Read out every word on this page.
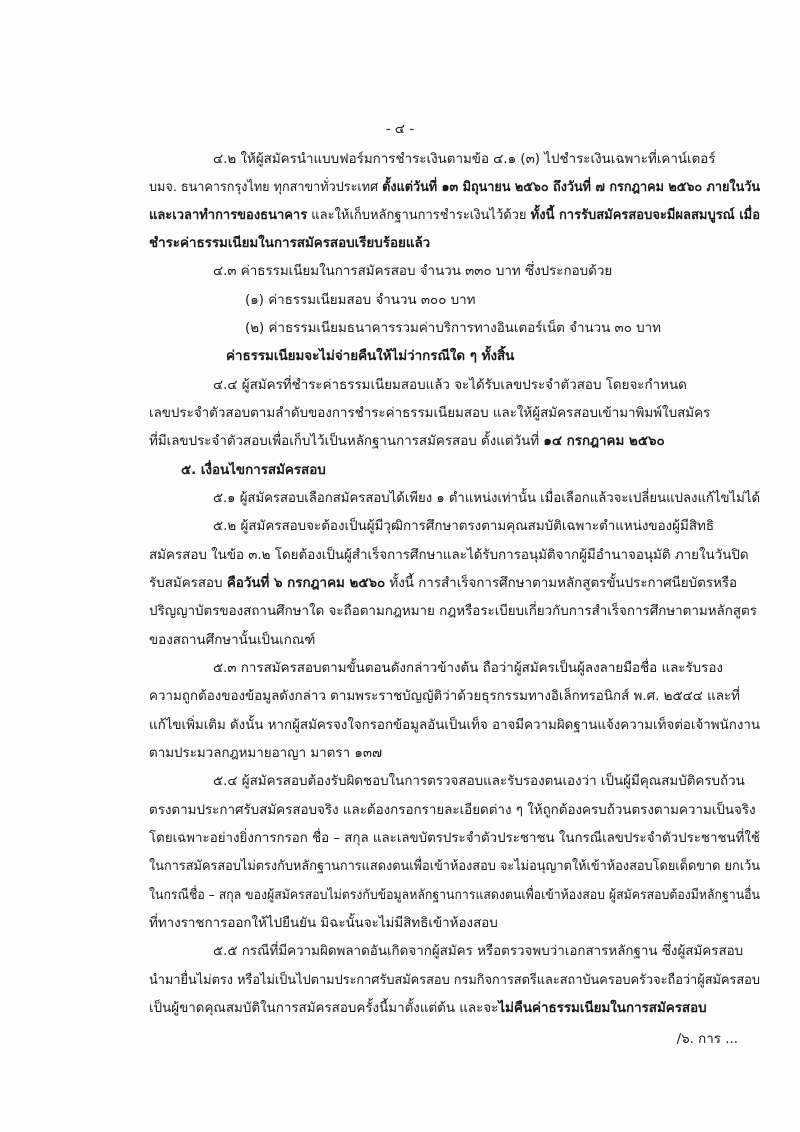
- ๔ -
๔.๒ ให้ผู้สมัครนำแบบฟอร์มการชำระเงินตามข้อ ๔.๑ (๓) ไปชำระเงินเฉพาะที่เคาน์เตอร์
บมจ. ธนาคารกรุงไทย ทุกสาขาทั่วประเทศ ตั้งแต่วันที่ ๑๓ มิถุนายน ๒๕๖๐ ถึงวันที่ ๗ กรกฎาคม ๒๕๖๐ ภายในวัน
และเวลาทำการของธนาคาร และให้เก็บหลักฐานการชำระเงินไว้ด้วย ทั้งนี้ การรับสมัครสอบจะมีผลสมบูรณ์ เมื่อ
ชำระค่าธรรมเนียมในการสมัครสอบเรียบร้อยแล้ว
๔.๓ ค่าธรรมเนียมในการสมัครสอบ จำนวน ๓๓๐ บาท ซึ่งประกอบด้วย
(๑) ค่าธรรมเนียมสอบ จำนวน ๓๐๐ บาท
(๒) ค่าธรรมเนียมธนาคารรวมค่าบริการทางอินเตอร์เน็ต จำนวน ๓๐ บาท
ค่าธรรมเนียมจะไม่จ่ายคืนให้ไม่ว่ากรณีใด ๆ ทั้งสิ้น
๔.๔ ผู้สมัครที่ชำระค่าธรรมเนียมสอบแล้ว จะได้รับเลขประจำตัวสอบ โดยจะกำหนด
เลขประจำตัวสอบตามลำดับของการชำระค่าธรรมเนียมสอบ และให้ผู้สมัครสอบเข้ามาพิมพ์ใบสมัคร
ที่มีเลขประจำตัวสอบเพื่อเก็บไว้เป็นหลักฐานการสมัครสอบ ตั้งแต่วันที่ ๑๔ กรกฎาคม ๒๕๖๐
๕. เงื่อนไขการสมัครสอบ
๕.๑ ผู้สมัครสอบเลือกสมัครสอบได้เพียง ๑ ตำแหน่งเท่านั้น เมื่อเลือกแล้วจะเปลี่ยนแปลงแก้ไขไม่ได้
๕.๒ ผู้สมัครสอบจะต้องเป็นผู้มีวุฒิการศึกษาตรงตามคุณสมบัติเฉพาะตำแหน่งของผู้มีสิทธิ
สมัครสอบ ในข้อ ๓.๒ โดยต้องเป็นผู้สำเร็จการศึกษาและได้รับการอนุมัติจากผู้มีอำนาจอนุมัติ ภายในวันปิด
รับสมัครสอบ คือวันที่ ๖ กรกฎาคม ๒๕๖๐ ทั้งนี้ การสำเร็จการศึกษาตามหลักสูตรขั้นประกาศนียบัตรหรือ
ปริญญาบัตรของสถานศึกษาใด จะถือตามกฎหมาย กฎหรือระเบียบเกี่ยวกับการสำเร็จการศึกษาตามหลักสูตร
ของสถานศึกษานั้นเป็นเกณฑ์
๕.๓ การสมัครสอบตามขั้นตอนดังกล่าวข้างต้น ถือว่าผู้สมัครเป็นผู้ลงลายมือชื่อ และรับรอง
ความถูกต้องของข้อมูลดังกล่าว ตามพระราชบัญญัติว่าด้วยธุรกรรมทางอิเล็กทรอนิกส์ พ.ศ. ๒๕๔๔ และที่
แก้ไขเพิ่มเติม ดังนั้น หากผู้สมัครจงใจกรอกข้อมูลอันเป็นเท็จ อาจมีความผิดฐานแจ้งความเท็จต่อเจ้าพนักงาน
ตามประมวลกฎหมายอาญา มาตรา ๑๓๗
๕.๔ ผู้สมัครสอบต้องรับผิดชอบในการตรวจสอบและรับรองตนเองว่า เป็นผู้มีคุณสมบัติครบถ้วน
ตรงตามประกาศรับสมัครสอบจริง และต้องกรอกรายละเอียดต่าง ๆ ให้ถูกต้องครบถ้วนตรงตามความเป็นจริง
โดยเฉพาะอย่างยิ่งการกรอก ชื่อ – สกุล และเลขบัตรประจำตัวประชาชน ในกรณีเลขประจำตัวประชาชนที่ใช้
ในการสมัครสอบไม่ตรงกับหลักฐานการแสดงตนเพื่อเข้าห้องสอบ จะไม่อนุญาตให้เข้าห้องสอบโดยเด็ดขาด ยกเว้น
ในกรณีชื่อ – สกุล ของผู้สมัครสอบไม่ตรงกับข้อมูลหลักฐานการแสดงตนเพื่อเข้าห้องสอบ ผู้สมัครสอบต้องมีหลักฐานอื่น
ที่ทางราชการออกให้ไปยืนยัน มิฉะนั้นจะไม่มีสิทธิเข้าห้องสอบ
๕.๕ กรณีที่มีความผิดพลาดอันเกิดจากผู้สมัคร หรือตรวจพบว่าเอกสารหลักฐาน ซึ่งผู้สมัครสอบ
นำมายื่นไม่ตรง หรือไม่เป็นไปตามประกาศรับสมัครสอบ กรมกิจการสตรีและสถาบันครอบครัวจะถือว่าผู้สมัครสอบ
เป็นผู้ขาดคุณสมบัติในการสมัครสอบครั้งนี้มาตั้งแต่ต้น และจะไม่คืนค่าธรรมเนียมในการสมัครสอบ
/๖. การ ...
